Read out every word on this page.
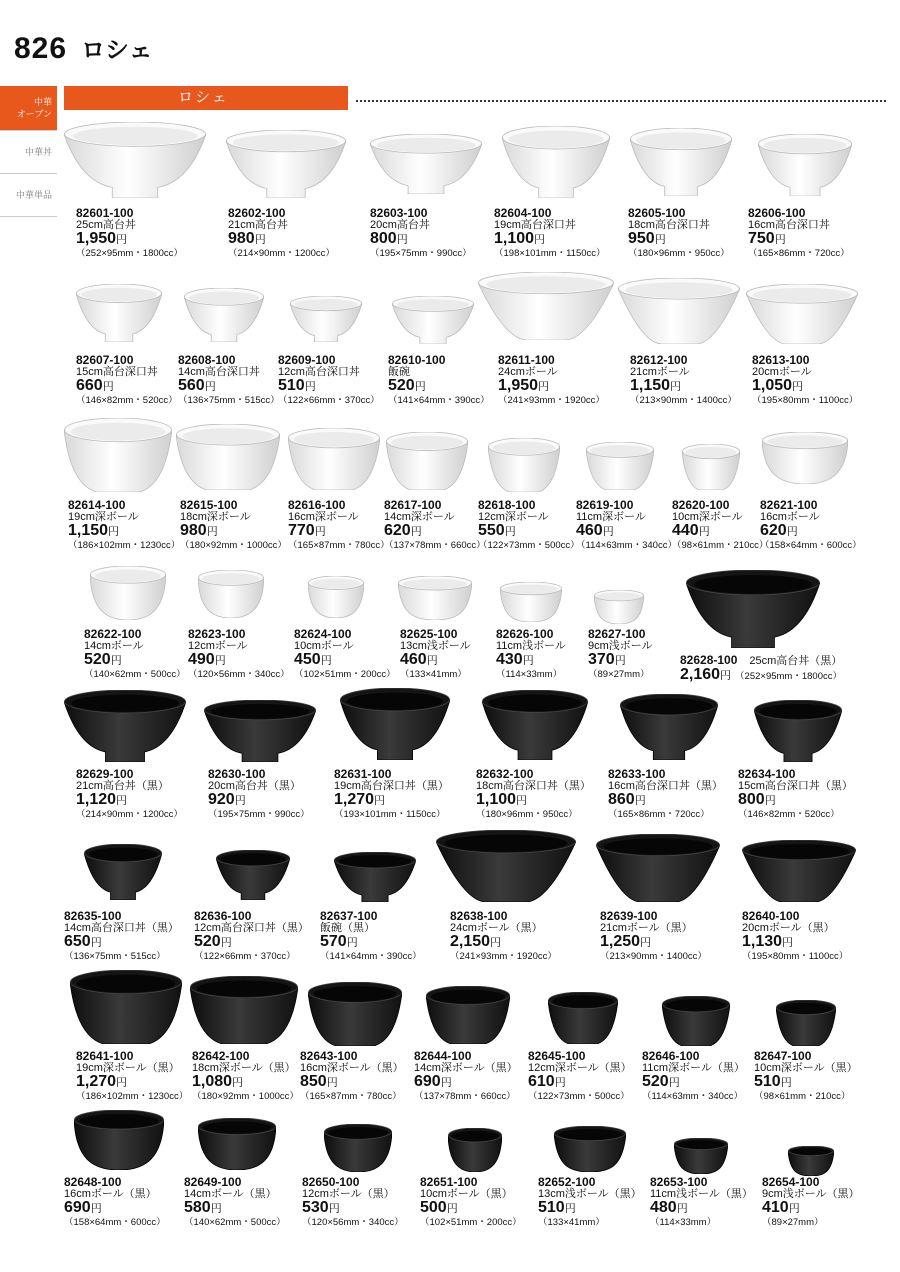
826 ロシェ
中華
オーブン
中華丼
中華単品
ロシェ
82601-100
25cm高台丼
1,950円
（252×95mm・1800cc）
82602-100
21cm高台丼
980円
（214×90mm・1200cc）
82603-100
20cm高台丼
800円
（195×75mm・990cc）
82604-100
19cm高台深口丼
1,100円
（198×101mm・1150cc）
82605-100
18cm高台深口丼
950円
（180×96mm・950cc）
82606-100
16cm高台深口丼
750円
（165×86mm・720cc）
82607-100
15cm高台深口丼
660円
（146×82mm・520cc）
82608-100
14cm高台深口丼
560円
（136×75mm・515cc）
82609-100
12cm高台深口丼
510円
（122×66mm・370cc）
82610-100
飯碗
520円
（141×64mm・390cc）
82611-100
24cmボール
1,950円
（241×93mm・1920cc）
82612-100
21cmボール
1,150円
（213×90mm・1400cc）
82613-100
20cmボール
1,050円
（195×80mm・1100cc）
82614-100
19cm深ボール
1,150円
（186×102mm・1230cc）
82615-100
18cm深ボール
980円
（180×92mm・1000cc）
82616-100
16cm深ボール
770円
（165×87mm・780cc）
82617-100
14cm深ボール
620円
（137×78mm・660cc）
82618-100
12cm深ボール
550円
（122×73mm・500cc）
82619-100
11cm深ボール
460円
（114×63mm・340cc）
82620-100
10cm深ボール
440円
（98×61mm・210cc）
82621-100
16cmボール
620円
（158×64mm・600cc）
82622-100
14cmボール
520円
（140×62mm・500cc）
82623-100
12cmボール
490円
（120×56mm・340cc）
82624-100
10cmボール
450円
（102×51mm・200cc）
82625-100
13cm浅ボール
460円
（133×41mm）
82626-100
11cm浅ボール
430円
（114×33mm）
82627-100
9cm浅ボール
370円
（89×27mm）
82628-100 25cm高台丼（黒）
2,160円 （252×95mm・1800cc）
82629-100
21cm高台丼（黒）
1,120円
（214×90mm・1200cc）
82630-100
20cm高台丼（黒）
920円
（195×75mm・990cc）
82631-100
19cm高台深口丼（黒）
1,270円
（193×101mm・1150cc）
82632-100
18cm高台深口丼（黒）
1,100円
（180×96mm・950cc）
82633-100
16cm高台深口丼（黒）
860円
（165×86mm・720cc）
82634-100
15cm高台深口丼（黒）
800円
（146×82mm・520cc）
82635-100
14cm高台深口丼（黒）
650円
（136×75mm・515cc）
82636-100
12cm高台深口丼（黒）
520円
（122×66mm・370cc）
82637-100
飯碗（黒）
570円
（141×64mm・390cc）
82638-100
24cmボール（黒）
2,150円
（241×93mm・1920cc）
82639-100
21cmボール（黒）
1,250円
（213×90mm・1400cc）
82640-100
20cmボール（黒）
1,130円
（195×80mm・1100cc）
82641-100
19cm深ボール（黒）
1,270円
（186×102mm・1230cc）
82642-100
18cm深ボール（黒）
1,080円
（180×92mm・1000cc）
82643-100
16cm深ボール（黒）
850円
（165×87mm・780cc）
82644-100
14cm深ボール（黒）
690円
（137×78mm・660cc）
82645-100
12cm深ボール（黒）
610円
（122×73mm・500cc）
82646-100
11cm深ボール（黒）
520円
（114×63mm・340cc）
82647-100
10cm深ボール（黒）
510円
（98×61mm・210cc）
82648-100
16cmボール（黒）
690円
（158×64mm・600cc）
82649-100
14cmボール（黒）
580円
（140×62mm・500cc）
82650-100
12cmボール（黒）
530円
（120×56mm・340cc）
82651-100
10cmボール（黒）
500円
（102×51mm・200cc）
82652-100
13cm浅ボール（黒）
510円
（133×41mm）
82653-100
11cm浅ボール（黒）
480円
（114×33mm）
82654-100
9cm浅ボール（黒）
410円
（89×27mm）
